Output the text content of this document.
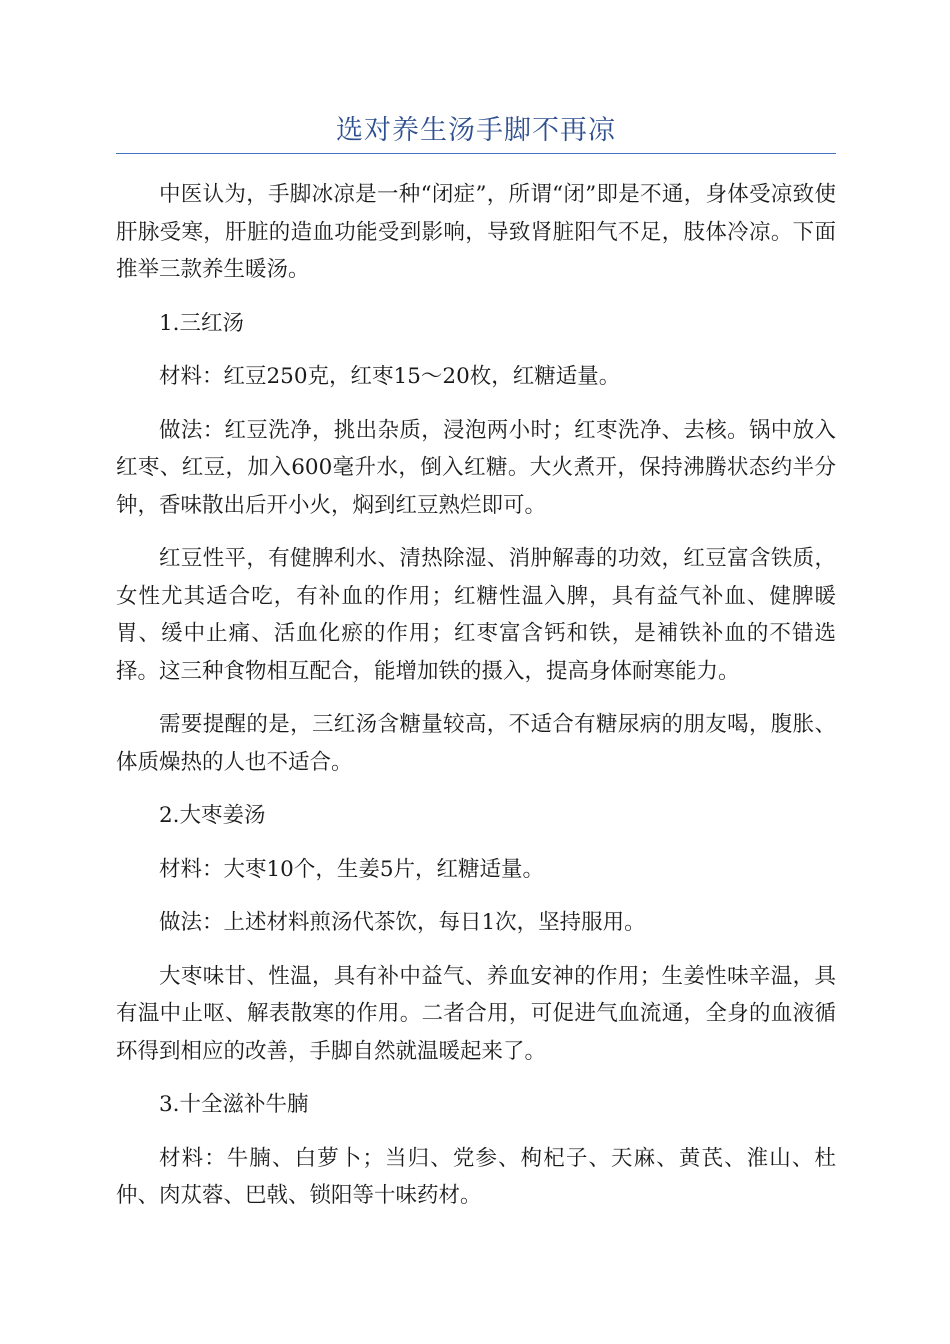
选对养生汤手脚不再凉

中医认为，手脚冰凉是一种“闭症”，所谓“闭”即是不通，身体受凉致使肝脉受寒，肝脏的造血功能受到影响，导致肾脏阳气不足，肢体冷凉。下面推举三款养生暖汤。

1.三红汤

材料：红豆250克，红枣15～20枚，红糖适量。

做法：红豆洗净，挑出杂质，浸泡两小时；红枣洗净、去核。锅中放入红枣、红豆，加入600毫升水，倒入红糖。大火煮开，保持沸腾状态约半分钟，香味散出后开小火，焖到红豆熟烂即可。

红豆性平，有健脾利水、清热除湿、消肿解毒的功效，红豆富含铁质，女性尤其适合吃，有补血的作用；红糖性温入脾，具有益气补血、健脾暖胃、缓中止痛、活血化瘀的作用；红枣富含钙和铁，是補铁补血的不错选择。这三种食物相互配合，能增加铁的摄入，提高身体耐寒能力。

需要提醒的是，三红汤含糖量较高，不适合有糖尿病的朋友喝，腹胀、体质燥热的人也不适合。

2.大枣姜汤

材料：大枣10个，生姜5片，红糖适量。

做法：上述材料煎汤代茶饮，每日1次，坚持服用。

大枣味甘、性温，具有补中益气、养血安神的作用；生姜性味辛温，具有温中止呕、解表散寒的作用。二者合用，可促进气血流通，全身的血液循环得到相应的改善，手脚自然就温暖起来了。

3.十全滋补牛腩

材料：牛腩、白萝卜；当归、党参、枸杞子、天麻、黄芪、淮山、杜仲、肉苁蓉、巴戟、锁阳等十味药材。
